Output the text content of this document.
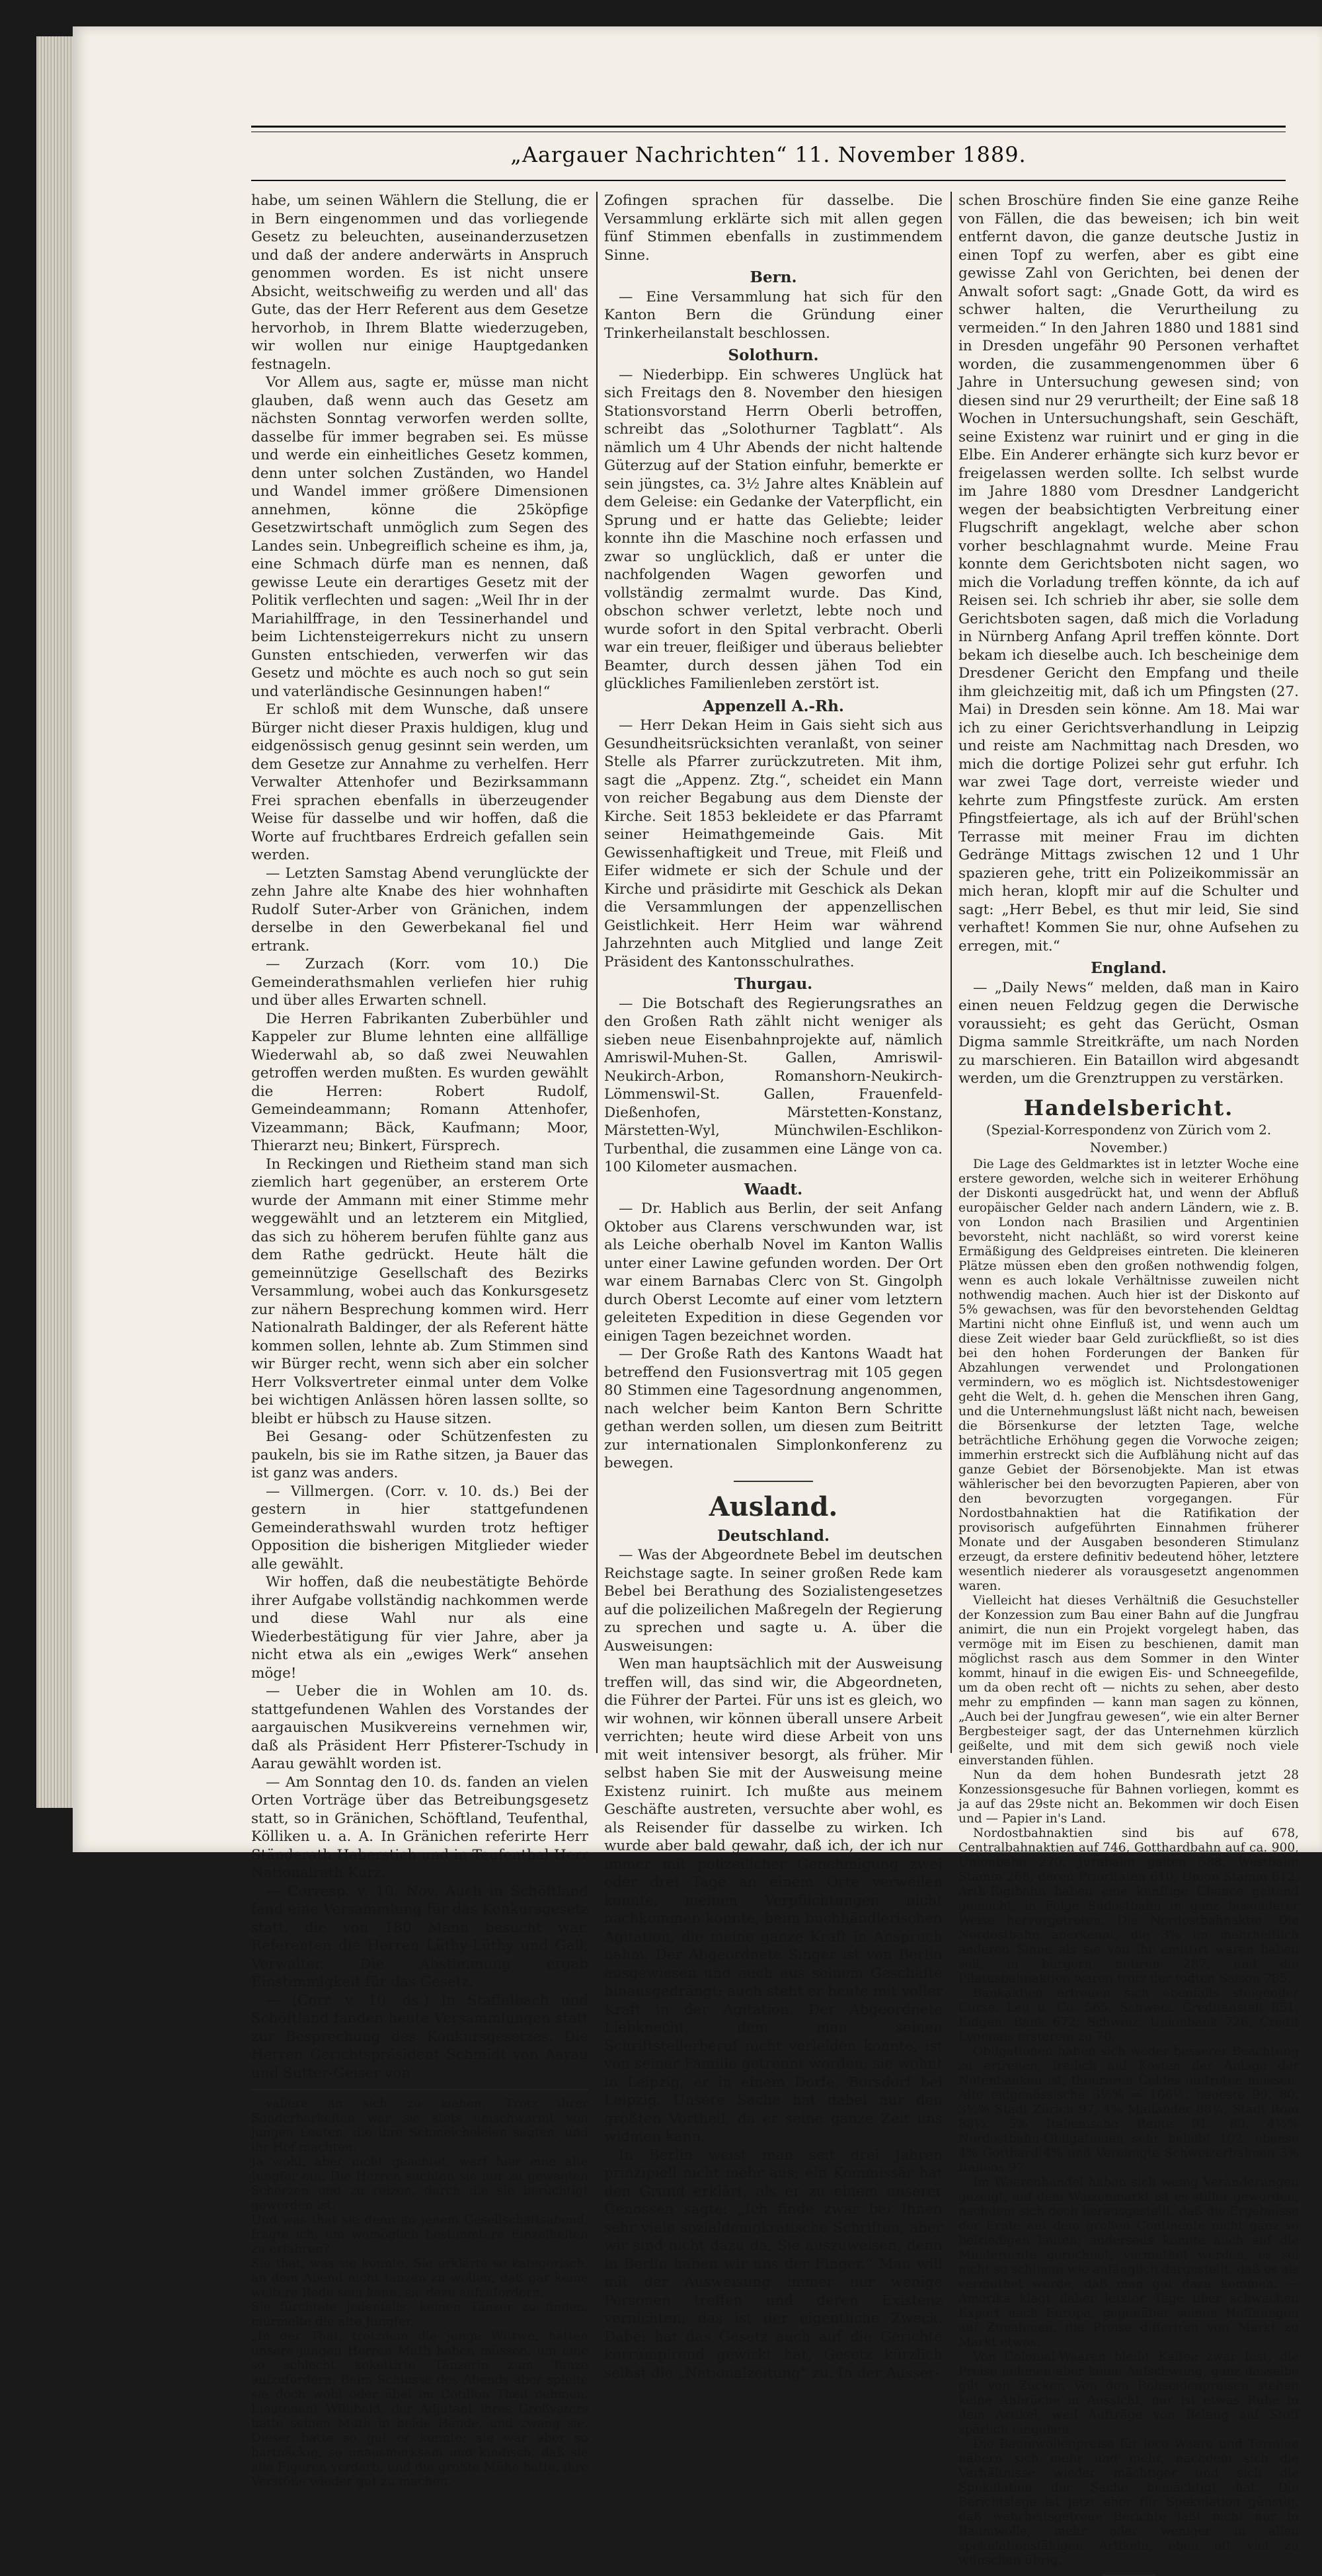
„Aargauer Nachrichten“ 11. November 1889.

habe, um seinen Wählern die Stellung, die er in Bern eingenommen und das vorliegende Gesetz zu beleuchten, auseinanderzusetzen und daß der andere anderwärts in Anspruch genommen worden. Es ist nicht unsere Absicht, weitschweifig zu werden und all' das Gute, das der Herr Referent aus dem Gesetze hervorhob, in Ihrem Blatte wiederzugeben, wir wollen nur einige Hauptgedanken festnageln.

Vor Allem aus, sagte er, müsse man nicht glauben, daß wenn auch das Gesetz am nächsten Sonntag verworfen werden sollte, dasselbe für immer begraben sei. Es müsse und werde ein einheitliches Gesetz kommen, denn unter solchen Zuständen, wo Handel und Wandel immer größere Dimensionen annehmen, könne die 25köpfige Gesetzwirtschaft unmöglich zum Segen des Landes sein. Unbegreiflich scheine es ihm, ja, eine Schmach dürfe man es nennen, daß gewisse Leute ein derartiges Gesetz mit der Politik verflechten und sagen: „Weil Ihr in der Mariahilffrage, in den Tessinerhandel und beim Lichtensteigerrekurs nicht zu unsern Gunsten entschieden, verwerfen wir das Gesetz und möchte es auch noch so gut sein und vaterländische Gesinnungen haben!“

Er schloß mit dem Wunsche, daß unsere Bürger nicht dieser Praxis huldigen, klug und eidgenössisch genug gesinnt sein werden, um dem Gesetze zur Annahme zu verhelfen. Herr Verwalter Attenhofer und Bezirksammann Frei sprachen ebenfalls in überzeugender Weise für dasselbe und wir hoffen, daß die Worte auf fruchtbares Erdreich gefallen sein werden.

— Letzten Samstag Abend verunglückte der zehn Jahre alte Knabe des hier wohnhaften Rudolf Suter-Arber von Gränichen, indem derselbe in den Gewerbekanal fiel und ertrank.

— Zurzach (Korr. vom 10.) Die Gemeinderathsmahlen verliefen hier ruhig und über alles Erwarten schnell.

Die Herren Fabrikanten Zuberbühler und Kappeler zur Blume lehnten eine allfällige Wiederwahl ab, so daß zwei Neuwahlen getroffen werden mußten. Es wurden gewählt die Herren: Robert Rudolf, Gemeindeammann; Romann Attenhofer, Vizeammann; Bäck, Kaufmann; Moor, Thierarzt neu; Binkert, Fürsprech.

In Reckingen und Rietheim stand man sich ziemlich hart gegenüber, an ersterem Orte wurde der Ammann mit einer Stimme mehr weggewählt und an letzterem ein Mitglied, das sich zu höherem berufen fühlte ganz aus dem Rathe gedrückt. Heute hält die gemeinnützige Gesellschaft des Bezirks Versammlung, wobei auch das Konkursgesetz zur nähern Besprechung kommen wird. Herr Nationalrath Baldinger, der als Referent hätte kommen sollen, lehnte ab. Zum Stimmen sind wir Bürger recht, wenn sich aber ein solcher Herr Volksvertreter einmal unter dem Volke bei wichtigen Anlässen hören lassen sollte, so bleibt er hübsch zu Hause sitzen.

Bei Gesang- oder Schützenfesten zu paukeln, bis sie im Rathe sitzen, ja Bauer das ist ganz was anders.

— Villmergen. (Corr. v. 10. ds.) Bei der gestern in hier stattgefundenen Gemeinderathswahl wurden trotz heftiger Opposition die bisherigen Mitglieder wieder alle gewählt.

Wir hoffen, daß die neubestätigte Behörde ihrer Aufgabe vollständig nachkommen werde und diese Wahl nur als eine Wiederbestätigung für vier Jahre, aber ja nicht etwa als ein „ewiges Werk“ ansehen möge!

— Ueber die in Wohlen am 10. ds. stattgefundenen Wahlen des Vorstandes der aargauischen Musikvereins vernehmen wir, daß als Präsident Herr Pfisterer-Tschudy in Aarau gewählt worden ist.

— Am Sonntag den 10. ds. fanden an vielen Orten Vorträge über das Betreibungsgesetz statt, so in Gränichen, Schöftland, Teufenthal, Kölliken u. a. A. In Gränichen referirte Herr Ständerath Haberstich und in Teufenthal Herr Nationalrath Kurz.

— Corresp. v. 10. Nov. Auch in Schöftland fand eine Versammlung für das Konkursgesetz statt, die von 180 Mann besucht war. Referenten die Herren Lüthy-Lüthy und Gall, Verwalter. Die Abstimmung ergab Einstimmigkeit für das Gesetz.

— (Corr. v. 10. ds.) In Staffelbach und Schöftland fanden heute Versammlungen statt zur Besprechung des Konkursgesetzes. Die Herren Gerichtspräsident Schmidt von Aarau und Sutter-Geiser von

valiere an sich zu ziehen. Trotz ihrer Sonderbarkeiten war sie stets umschwärmt von jungen Leuten, die ihre Schmeicheleien sagten, und ihr Hof machten.
Ja wohl, aber nicht geachtet, warf hier eine alte Jungfer ein. Die Herren suchten sie nur zu gewagten Scherzen und zu reizen, durch die sie berüchtigt geworden ist.
Und was that sie denn an jenem Gesellschaftsabend, fragte ich, um womöglich bestimmtere Einzelheiten zu erfahren?
Sie that, was sie konnte. Sie erklärte so kategorisch, an dem Abend nicht tanzen zu wollen, daß gar keine weitere Rede sein kann, sie dazu aufzufordern.
Sie fürchtete jedenfalls, keinen Tänzer zu finden, murmelte die alte Jungfer.
„In der That, trotzdem die junge Wittwe, hätten unsere jungen Herren Muth haben müssen, um eine so schlecht kokettirte Tänzerin zum Tanze aufzufordern. Beim Schlusse des Abends aber spielte sie doch wohl oder übel im Cotillon Theil nehmen. Lieutenant Willibald, der Adjutant ihres Großvaters hatte seinen Muth in beide Hände, und zwang sie. Dieser hatte so gut er konnte; sie war aber so hartnäckig, so unausmerksam und kindisch, daß sie alle Figuren verdarb, und die größte Mühe hatte, ihre Verstöße wieder gut zu machen.

Zofingen sprachen für dasselbe. Die Versammlung erklärte sich mit allen gegen fünf Stimmen ebenfalls in zustimmendem Sinne.

Bern.

— Eine Versammlung hat sich für den Kanton Bern die Gründung einer Trinkerheilanstalt beschlossen.

Solothurn.

— Niederbipp. Ein schweres Unglück hat sich Freitags den 8. November den hiesigen Stationsvorstand Herrn Oberli betroffen, schreibt das „Solothurner Tagblatt“. Als nämlich um 4 Uhr Abends der nicht haltende Güterzug auf der Station einfuhr, bemerkte er sein jüngstes, ca. 3½ Jahre altes Knäblein auf dem Geleise: ein Gedanke der Vaterpflicht, ein Sprung und er hatte das Geliebte; leider konnte ihn die Maschine noch erfassen und zwar so unglücklich, daß er unter die nachfolgenden Wagen geworfen und vollständig zermalmt wurde. Das Kind, obschon schwer verletzt, lebte noch und wurde sofort in den Spital verbracht. Oberli war ein treuer, fleißiger und überaus beliebter Beamter, durch dessen jähen Tod ein glückliches Familienleben zerstört ist.

Appenzell A.-Rh.

— Herr Dekan Heim in Gais sieht sich aus Gesundheitsrücksichten veranlaßt, von seiner Stelle als Pfarrer zurückzutreten. Mit ihm, sagt die „Appenz. Ztg.“, scheidet ein Mann von reicher Begabung aus dem Dienste der Kirche. Seit 1853 bekleidete er das Pfarramt seiner Heimathgemeinde Gais. Mit Gewissenhaftigkeit und Treue, mit Fleiß und Eifer widmete er sich der Schule und der Kirche und präsidirte mit Geschick als Dekan die Versammlungen der appenzellischen Geistlichkeit. Herr Heim war während Jahrzehnten auch Mitglied und lange Zeit Präsident des Kantonsschulrathes.

Thurgau.

— Die Botschaft des Regierungsrathes an den Großen Rath zählt nicht weniger als sieben neue Eisenbahnprojekte auf, nämlich Amriswil-Muhen-St. Gallen, Amriswil-Neukirch-Arbon, Romanshorn-Neukirch-Lömmenswil-St. Gallen, Frauenfeld-Dießenhofen, Märstetten-Konstanz, Märstetten-Wyl, Münchwilen-Eschlikon-Turbenthal, die zusammen eine Länge von ca. 100 Kilometer ausmachen.

Waadt.

— Dr. Hablich aus Berlin, der seit Anfang Oktober aus Clarens verschwunden war, ist als Leiche oberhalb Novel im Kanton Wallis unter einer Lawine gefunden worden. Der Ort war einem Barnabas Clerc von St. Gingolph durch Oberst Lecomte auf einer vom letztern geleiteten Expedition in diese Gegenden vor einigen Tagen bezeichnet worden.

— Der Große Rath des Kantons Waadt hat betreffend den Fusionsvertrag mit 105 gegen 80 Stimmen eine Tagesordnung angenommen, nach welcher beim Kanton Bern Schritte gethan werden sollen, um diesen zum Beitritt zur internationalen Simplonkonferenz zu bewegen.

Ausland.
Deutschland.

— Was der Abgeordnete Bebel im deutschen Reichstage sagte. In seiner großen Rede kam Bebel bei Berathung des Sozialistengesetzes auf die polizeilichen Maßregeln der Regierung zu sprechen und sagte u. A. über die Ausweisungen:

Wen man hauptsächlich mit der Ausweisung treffen will, das sind wir, die Abgeordneten, die Führer der Partei. Für uns ist es gleich, wo wir wohnen, wir können überall unsere Arbeit verrichten; heute wird diese Arbeit von uns mit weit intensiver besorgt, als früher. Mir selbst haben Sie mit der Ausweisung meine Existenz ruinirt. Ich mußte aus meinem Geschäfte austreten, versuchte aber wohl, es als Reisender für dasselbe zu wirken. Ich wurde aber bald gewahr, daß ich, der ich nur immer mit polizeilicher Genehmigung zwei oder drei Tage an einem Orte verweilen konnte, meinen Verpflichtungen nicht nachkommen konnte, beim buchhändlerischen Agitation, die meine ganze Kraft in Anspruch nahm. Der Abgeordnete Singer ist von Berlin ausgewiesen und auch aus seinem Geschäfte hinausgedrängt; auch steht er heute mit voller Kraft in der Agitation. Der Abgeordnete Liebknecht, dem man seinen Schriftstellerberuf nicht verleiden konnte, ist von seiner Familie getrennt worden; sie wohnt in Leipzig, er in einem Dorfe, Borsdorf bei Leipzig. Unsere Sache hat dabei nur den größten Vortheil, da er seine ganze Zeit uns widmen kann.

In Berlin weist man seit drei Jahren prinzipiell nicht mehr aus; ein Kommissär hat den Grund erklärt, als er zu einem unserer Genossen sagte: „Ich finde zwar bei Ihnen sehr viele sozialdemokratische Schriften, aber wir sind nicht dazu da, Sie auszuweisen, denn in Berlin haben wir uns der Finger.“ Man will mit der Ausweisung immer nur wenige Personen treffen und deren Existenz vernichten; das ist der eigentliche Zweck. Dabei hat das Gesetz auch auf die Gerichte korrumpirend gewirkt hat, Gesetz kürzlich selbst die „Nationalzeitung“ zu. In der Ausser-

schen Broschüre finden Sie eine ganze Reihe von Fällen, die das beweisen; ich bin weit entfernt davon, die ganze deutsche Justiz in einen Topf zu werfen, aber es gibt eine gewisse Zahl von Gerichten, bei denen der Anwalt sofort sagt: „Gnade Gott, da wird es schwer halten, die Verurtheilung zu vermeiden.“ In den Jahren 1880 und 1881 sind in Dresden ungefähr 90 Personen verhaftet worden, die zusammengenommen über 6 Jahre in Untersuchung gewesen sind; von diesen sind nur 29 verurtheilt; der Eine saß 18 Wochen in Untersuchungshaft, sein Geschäft, seine Existenz war ruinirt und er ging in die Elbe. Ein Anderer erhängte sich kurz bevor er freigelassen werden sollte. Ich selbst wurde im Jahre 1880 vom Dresdner Landgericht wegen der beabsichtigten Verbreitung einer Flugschrift angeklagt, welche aber schon vorher beschlagnahmt wurde. Meine Frau konnte dem Gerichtsboten nicht sagen, wo mich die Vorladung treffen könnte, da ich auf Reisen sei. Ich schrieb ihr aber, sie solle dem Gerichtsboten sagen, daß mich die Vorladung in Nürnberg Anfang April treffen könnte. Dort bekam ich dieselbe auch. Ich bescheinige dem Dresdener Gericht den Empfang und theile ihm gleichzeitig mit, daß ich um Pfingsten (27. Mai) in Dresden sein könne. Am 18. Mai war ich zu einer Gerichtsverhandlung in Leipzig und reiste am Nachmittag nach Dresden, wo mich die dortige Polizei sehr gut erfuhr. Ich war zwei Tage dort, verreiste wieder und kehrte zum Pfingstfeste zurück. Am ersten Pfingstfeiertage, als ich auf der Brühl'schen Terrasse mit meiner Frau im dichten Gedränge Mittags zwischen 12 und 1 Uhr spazieren gehe, tritt ein Polizeikommissär an mich heran, klopft mir auf die Schulter und sagt: „Herr Bebel, es thut mir leid, Sie sind verhaftet! Kommen Sie nur, ohne Aufsehen zu erregen, mit.“

England.

— „Daily News“ melden, daß man in Kairo einen neuen Feldzug gegen die Derwische voraussieht; es geht das Gerücht, Osman Digma sammle Streitkräfte, um nach Norden zu marschieren. Ein Bataillon wird abgesandt werden, um die Grenztruppen zu verstärken.

Handelsbericht.

(Spezial-Korrespondenz von Zürich vom 2. November.)

Die Lage des Geldmarktes ist in letzter Woche eine erstere geworden, welche sich in weiterer Erhöhung der Diskonti ausgedrückt hat, und wenn der Abfluß europäischer Gelder nach andern Ländern, wie z. B. von London nach Brasilien und Argentinien bevorsteht, nicht nachläßt, so wird vorerst keine Ermäßigung des Geldpreises eintreten. Die kleineren Plätze müssen eben den großen nothwendig folgen, wenn es auch lokale Verhältnisse zuweilen nicht nothwendig machen. Auch hier ist der Diskonto auf 5% gewachsen, was für den bevorstehenden Geldtag Martini nicht ohne Einfluß ist, und wenn auch um diese Zeit wieder baar Geld zurückfließt, so ist dies bei den hohen Forderungen der Banken für Abzahlungen verwendet und Prolongationen vermindern, wo es möglich ist. Nichtsdestoweniger geht die Welt, d. h. gehen die Menschen ihren Gang, und die Unternehmungslust läßt nicht nach, beweisen die Börsenkurse der letzten Tage, welche beträchtliche Erhöhung gegen die Vorwoche zeigen; immerhin erstreckt sich die Aufblähung nicht auf das ganze Gebiet der Börsenobjekte. Man ist etwas wählerischer bei den bevorzugten Papieren, aber von den bevorzugten vorgegangen. Für Nordostbahnaktien hat die Ratifikation der provisorisch aufgeführten Einnahmen früherer Monate und der Ausgaben besonderen Stimulanz erzeugt, da erstere definitiv bedeutend höher, letztere wesentlich niederer als vorausgesetzt angenommen waren.

Vielleicht hat dieses Verhältniß die Gesuchsteller der Konzession zum Bau einer Bahn auf die Jungfrau animirt, die nun ein Projekt vorgelegt haben, das vermöge mit im Eisen zu beschienen, damit man möglichst rasch aus dem Sommer in den Winter kommt, hinauf in die ewigen Eis- und Schneegefilde, um da oben recht oft — nichts zu sehen, aber desto mehr zu empfinden — kann man sagen zu können, „Auch bei der Jungfrau gewesen“, wie ein alter Berner Bergbesteiger sagt, der das Unternehmen kürzlich geißelte, und mit dem sich gewiß noch viele einverstanden fühlen.

Nun da dem hohen Bundesrath jetzt 28 Konzessionsgesuche für Bahnen vorliegen, kommt es ja auf das 29ste nicht an. Bekommen wir doch Eisen und — Papier in's Land.

Nordostbahnaktien sind bis auf 678, Centralbahnaktien auf 746, Gotthardbahn auf ca. 900, Unionbahn 270, Jurabahn galten 588, Westbahn Stamm 268, deren Prioritäten 610, Union Stamm 612, Arth-Rigibahn haben eine künftige Chance geltend gemacht, in Folge Südostbahn in ganz besonderer Weise hervorgetreten. Die Nordostbahnaktie. Die Nordostbahn anerkennt, die 3% im mehrheitlich anderen Sinne als sie von ihr emittirt waren haben soll, in bürgern notiren 287, und die Pilatusbahnaktien waren trotz der todten Saison 785.

Bankaktien erfreuen sich ebenfalls steigender Curse. Leu u. Co. 565, Schweiz. Creditanstalt 851, Eidgen. Bank 672, Schweiz. Unionbank 726, Credit Lyonnais ersterem zu 70.

Obligationen haben sich weder besserer Beachtung zu erfreuen, freilich auf Kosten der Anlage der Notenbanken ist, theureren Geldes eintreten müssen. Alte eidgenössische 3½% = 106½, neueste 99. 80, 3½% Stadt Zürich 97, 4% Mailänder 88¼, Stadt Rom 88½, 5% Italienische Rente 91. 80, 4½% Nordostbahn-Obligationen sehr beliebt 102, ebenso 4% Gotthard 4% und Vereinigte Schweizerbahnen 3% Italiens 97.

Im Waarenhandel haben sich wenig Veränderungen gezeigt, auf dem Waizenmarkt ist es stiller geworden, nachdem sich doch herausgestellt, daß die Ergebnisse der Ernte auf dem großen Continente nicht ganz so befriedigen lauten; anderseits konnte auch auf die Minderernte gerechnet, vermuthet werden, es sei nicht so schlimm wie anfänglich dargestellt, daß es als vermuthet wurde, daß man gut dazu kommen. — Amerika klagt daher letzter Tage über schwachen Export nach Europa, gegenüber seinen Hoffnungen auf Zunahmen, die Preise differiren von Markt zu Markt etwas.

Von Colonial-Waaren bleibt Kaffee zwar fest, die Preise nehmen aber keine Aufschwung, ganz dasselbe gilt von Zucker. Von den Rohseidenpreisen stehen keine Abbrüche in Aussicht, nur ist etwas Ruhe in dem Artikel, weil Aufträge von Belang auf Stoff spärlich eingehen.

Die Baumwollenpreise für loco Waare und Termine nähern sich mehr und mehr, nachdem sich die Verhältnisse wieder mächtiger und sich die Spekulation der Sache bemächtigt hat. Die Berichtslage ist jetzt eher für Spekulation günstig, daß wahrheitsgetreue Berichte läßt nicht nur in Baumwolle, mehr oder weniger in allen spekulationsfähigen Artikeln, eben oft viel zu wünschen übrig.
